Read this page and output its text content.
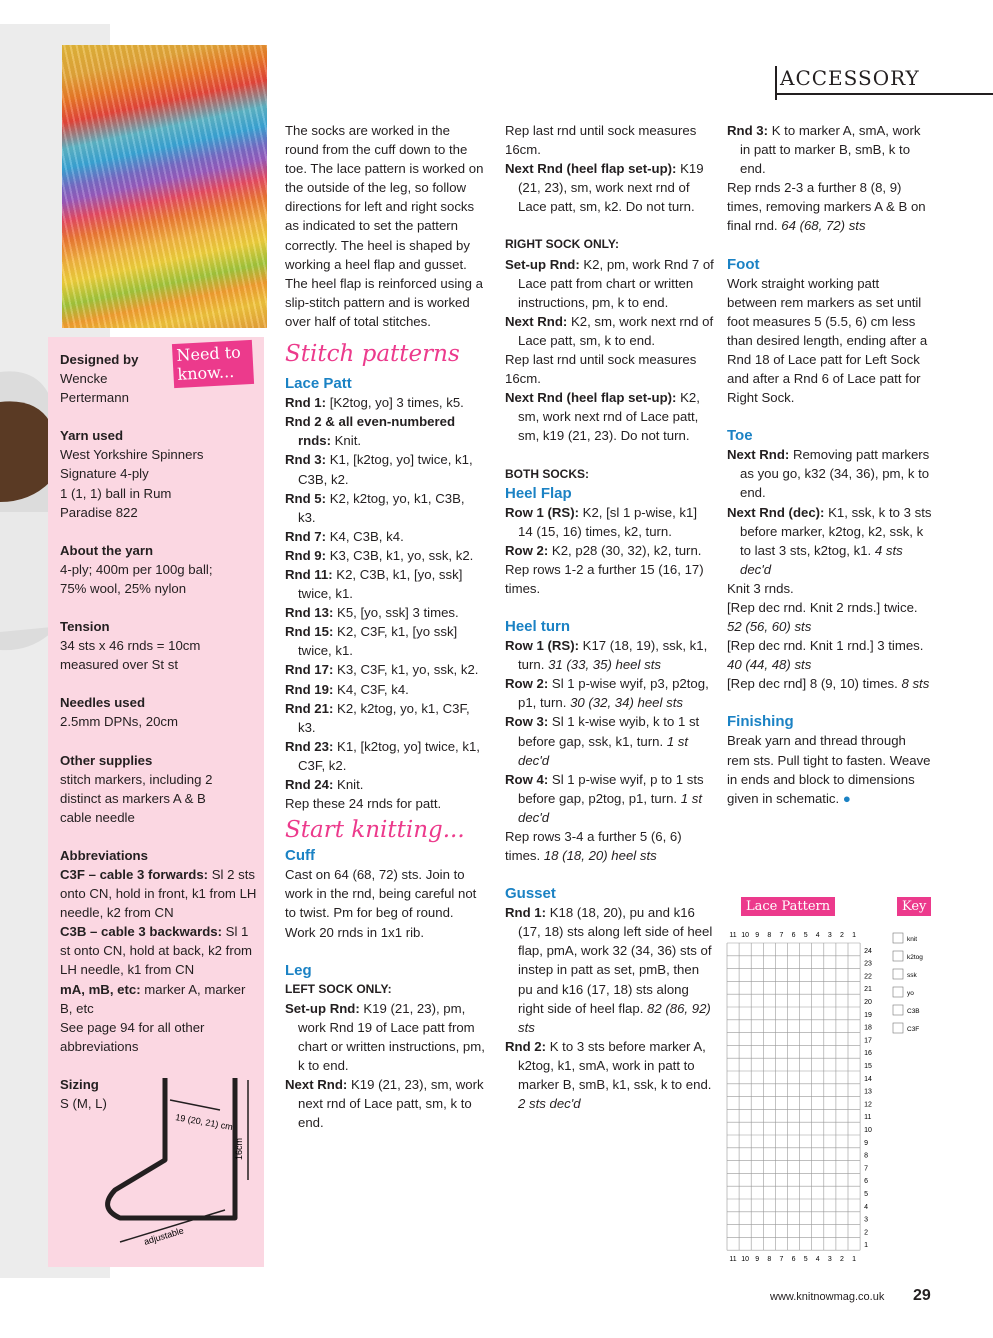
Need to know...
Designed by
Wencke
Pertermann
Yarn used
West Yorkshire Spinners
Signature 4-ply
1 (1, 1) ball in Rum
Paradise 822
About the yarn
4-ply; 400m per 100g ball;
75% wool, 25% nylon
Tension
34 sts x 46 rnds = 10cm
measured over St st
Needles used
2.5mm DPNs, 20cm
Other supplies
stitch markers, including 2
distinct as markers A & B
cable needle
Abbreviations
C3F – cable 3 forwards: Sl 2 sts onto CN, hold in front, k1 from LH needle, k2 from CN
C3B – cable 3 backwards: Sl 1 st onto CN, hold at back, k2 from LH needle, k1 from CN
mA, mB, etc: marker A, marker B, etc
See page 94 for all other abbreviations
Sizing
S (M, L)
ACCESSORY

The socks are worked in the round from the cuff down to the toe. The lace pattern is worked on the outside of the leg, so follow directions for left and right socks as indicated to set the pattern correctly. The heel is shaped by working a heel flap and gusset. The heel flap is reinforced using a slip-stitch pattern and is worked over half of total stitches.

Stitch patterns

Lace Patt

Rnd 1: [K2tog, yo] 3 times, k5.

Rnd 2 & all even-numbered rnds: Knit.

Rnd 3: K1, [k2tog, yo] twice, k1, C3B, k2.

Rnd 5: K2, k2tog, yo, k1, C3B, k3.

Rnd 7: K4, C3B, k4.

Rnd 9: K3, C3B, k1, yo, ssk, k2.

Rnd 11: K2, C3B, k1, [yo, ssk] twice, k1.

Rnd 13: K5, [yo, ssk] 3 times.

Rnd 15: K2, C3F, k1, [yo ssk] twice, k1.

Rnd 17: K3, C3F, k1, yo, ssk, k2.

Rnd 19: K4, C3F, k4.

Rnd 21: K2, k2tog, yo, k1, C3F, k3.

Rnd 23: K1, [k2tog, yo] twice, k1, C3F, k2.

Rnd 24: Knit.

Rep these 24 rnds for patt.

Start knitting...

Cuff

Cast on 64 (68, 72) sts. Join to work in the rnd, being careful not to twist. Pm for beg of round.

Work 20 rnds in 1x1 rib.

Leg

LEFT SOCK ONLY:

Set-up Rnd: K19 (21, 23), pm, work Rnd 19 of Lace patt from chart or written instructions, pm, k to end.

Next Rnd: K19 (21, 23), sm, work next rnd of Lace patt, sm, k to end.

Rep last rnd until sock measures 16cm.

Next Rnd (heel flap set-up): K19 (21, 23), sm, work next rnd of Lace patt, sm, k2. Do not turn.

RIGHT SOCK ONLY:

Set-up Rnd: K2, pm, work Rnd 7 of Lace patt from chart or written instructions, pm, k to end.

Next Rnd: K2, sm, work next rnd of Lace patt, sm, k to end.

Rep last rnd until sock measures 16cm.

Next Rnd (heel flap set-up): K2, sm, work next rnd of Lace patt, sm, k19 (21, 23). Do not turn.

BOTH SOCKS:

Heel Flap

Row 1 (RS): K2, [sl 1 p-wise, k1] 14 (15, 16) times, k2, turn.

Row 2: K2, p28 (30, 32), k2, turn.

Rep rows 1-2 a further 15 (16, 17) times.

Heel turn

Row 1 (RS): K17 (18, 19), ssk, k1, turn. 31 (33, 35) heel sts

Row 2: Sl 1 p-wise wyif, p3, p2tog, p1, turn. 30 (32, 34) heel sts

Row 3: Sl 1 k-wise wyib, k to 1 st before gap, ssk, k1, turn. 1 st dec'd

Row 4: Sl 1 p-wise wyif, p to 1 sts before gap, p2tog, p1, turn. 1 st dec'd

Rep rows 3-4 a further 5 (6, 6) times. 18 (18, 20) heel sts

Gusset

Rnd 1: K18 (18, 20), pu and k16 (17, 18) sts along left side of heel flap, pmA, work 32 (34, 36) sts of instep in patt as set, pmB, then pu and k16 (17, 18) sts along right side of heel flap. 82 (86, 92) sts

Rnd 2: K to 3 sts before marker A, k2tog, k1, smA, work in patt to marker B, smB, k1, ssk, k to end. 2 sts dec'd

Rnd 3: K to marker A, smA, work in patt to marker B, smB, k to end.

Rep rnds 2-3 a further 8 (8, 9) times, removing markers A & B on final rnd. 64 (68, 72) sts

Foot

Work straight working patt between rem markers as set until foot measures 5 (5.5, 6) cm less than desired length, ending after a Rnd 18 of Lace patt for Left Sock and after a Rnd 6 of Lace patt for Right Sock.

Toe

Next Rnd: Removing patt markers as you go, k32 (34, 36), pm, k to end.

Next Rnd (dec): K1, ssk, k to 3 sts before marker, k2tog, k2, ssk, k to last 3 sts, k2tog, k1. 4 sts dec'd

Knit 3 rnds.

[Rep dec rnd. Knit 2 rnds.] twice. 52 (56, 60) sts

[Rep dec rnd. Knit 1 rnd.] 3 times. 40 (44, 48) sts

[Rep dec rnd] 8 (9, 10) times. 8 sts

Finishing

Break yarn and thread through rem sts. Pull tight to fasten. Weave in ends and block to dimensions given in schematic. ●

Lace Pattern	Key
11
11
10
10
9
9
8
8
7
7
6
6
5
5
4
4
3
3
2
2
1
1
24
23
22
21
20
19
18
17
16
15
14
13
12
11
10
9
8
7
6
5
4
3
2
1
knit
k2tog
ssk
yo
C3B
C3F
19 (20, 21) cm
16cm
adjustable
www.knitnowmag.co.uk 29
